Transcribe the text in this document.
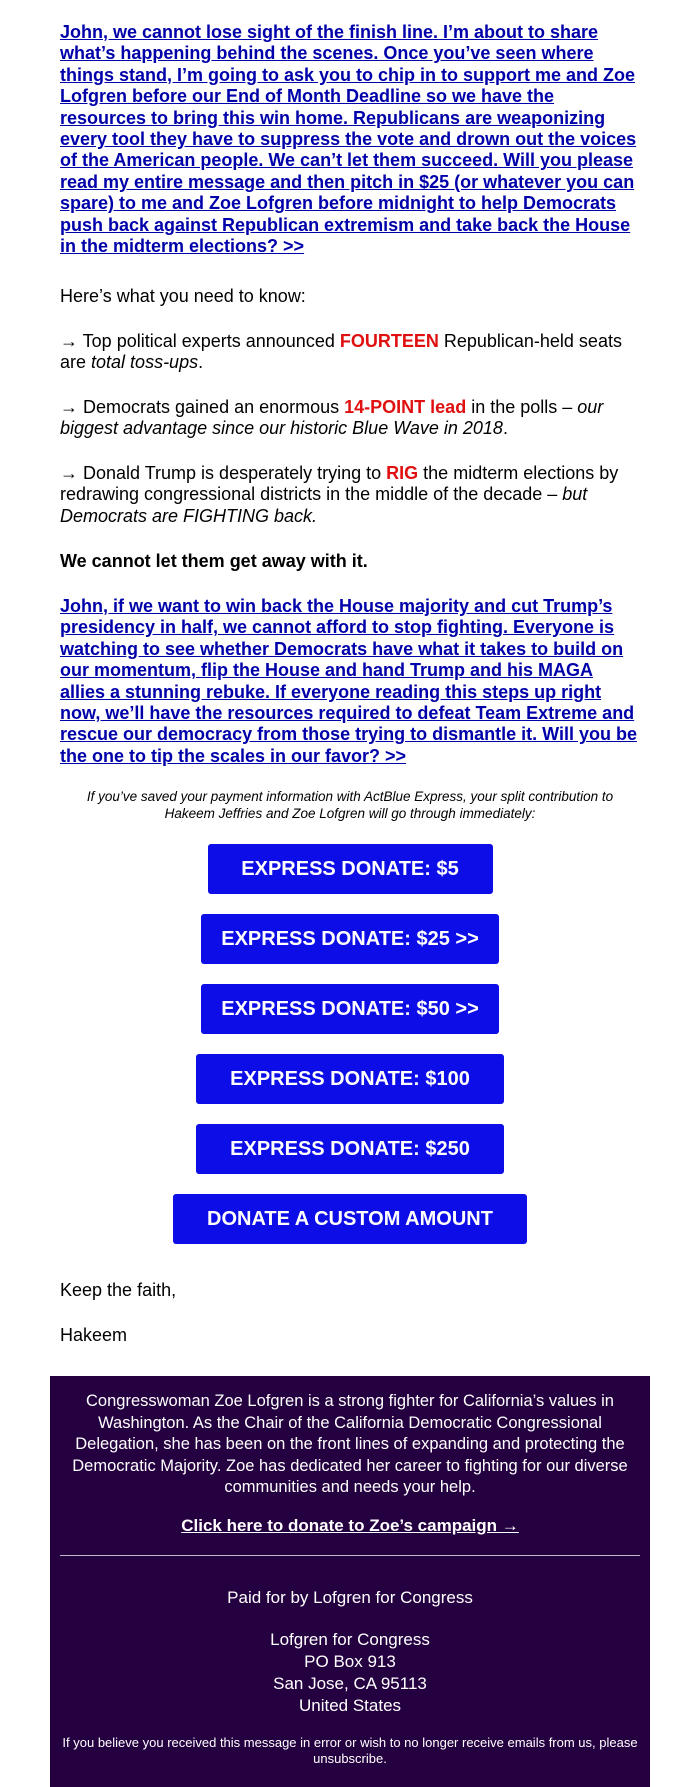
John, we cannot lose sight of the finish line. I’m about to share what’s happening behind the scenes. Once you’ve seen where things stand, I’m going to ask you to chip in to support me and Zoe Lofgren before our End of Month Deadline so we have the resources to bring this win home. Republicans are weaponizing every tool they have to suppress the vote and drown out the voices of the American people. We can’t let them succeed. Will you please read my entire message and then pitch in $25 (or whatever you can spare) to me and Zoe Lofgren before midnight to help Democrats push back against Republican extremism and take back the House in the midterm elections? >>

Here’s what you need to know:

→ Top political experts announced FOURTEEN Republican-held seats are total toss-ups.

→ Democrats gained an enormous 14-POINT lead in the polls – our biggest advantage since our historic Blue Wave in 2018.

→ Donald Trump is desperately trying to RIG the midterm elections by redrawing congressional districts in the middle of the decade – but Democrats are FIGHTING back.

We cannot let them get away with it.

John, if we want to win back the House majority and cut Trump’s presidency in half, we cannot afford to stop fighting. Everyone is watching to see whether Democrats have what it takes to build on our momentum, flip the House and hand Trump and his MAGA allies a stunning rebuke. If everyone reading this steps up right now, we’ll have the resources required to defeat Team Extreme and rescue our democracy from those trying to dismantle it. Will you be the one to tip the scales in our favor? >>

If you’ve saved your payment information with ActBlue Express, your split contribution to Hakeem Jeffries and Zoe Lofgren will go through immediately:

EXPRESS DONATE: $5
EXPRESS DONATE: $25 >>
EXPRESS DONATE: $50 >>
EXPRESS DONATE: $100
EXPRESS DONATE: $250
DONATE A CUSTOM AMOUNT >>

Keep the faith,

Hakeem

Congresswoman Zoe Lofgren is a strong fighter for California’s values in Washington. As the Chair of the California Democratic Congressional Delegation, she has been on the front lines of expanding and protecting the Democratic Majority. Zoe has dedicated her career to fighting for our diverse communities and needs your help.

Click here to donate to Zoe’s campaign →

Paid for by Lofgren for Congress

Lofgren for Congress
PO Box 913
San Jose, CA 95113
United States

If you believe you received this message in error or wish to no longer receive emails from us, please unsubscribe.
